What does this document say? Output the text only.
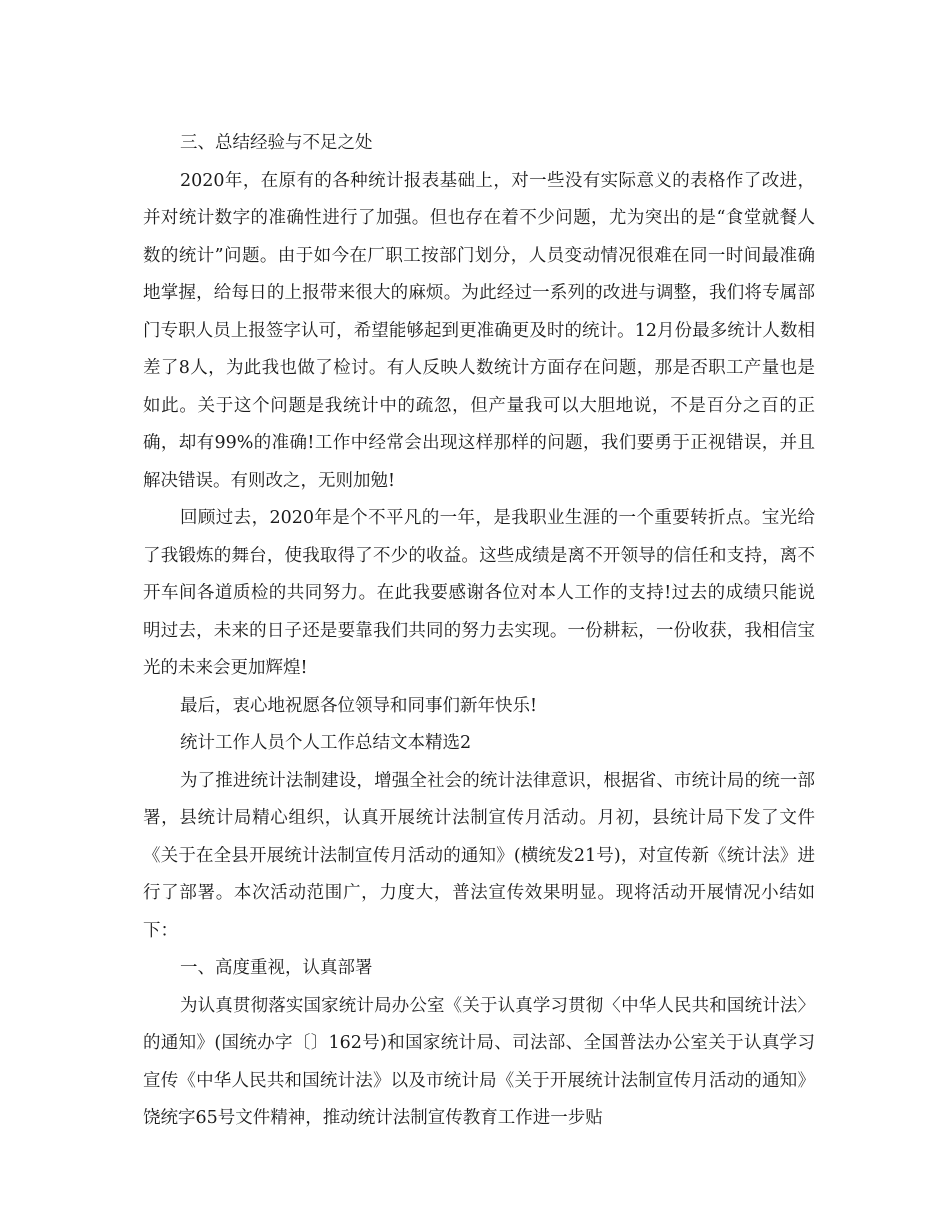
三、总结经验与不足之处

2020年，在原有的各种统计报表基础上，对一些没有实际意义的表格作了改进，并对统计数字的准确性进行了加强。但也存在着不少问题，尤为突出的是“食堂就餐人数的统计”问题。由于如今在厂职工按部门划分，人员变动情况很难在同一时间最准确地掌握，给每日的上报带来很大的麻烦。为此经过一系列的改进与调整，我们将专属部门专职人员上报签字认可，希望能够起到更准确更及时的统计。12月份最多统计人数相差了8人，为此我也做了检讨。有人反映人数统计方面存在问题，那是否职工产量也是如此。关于这个问题是我统计中的疏忽，但产量我可以大胆地说，不是百分之百的正确，却有99%的准确!工作中经常会出现这样那样的问题，我们要勇于正视错误，并且解决错误。有则改之，无则加勉!

回顾过去，2020年是个不平凡的一年，是我职业生涯的一个重要转折点。宝光给了我锻炼的舞台，使我取得了不少的收益。这些成绩是离不开领导的信任和支持，离不开车间各道质检的共同努力。在此我要感谢各位对本人工作的支持!过去的成绩只能说明过去，未来的日子还是要靠我们共同的努力去实现。一份耕耘，一份收获，我相信宝光的未来会更加辉煌!

最后，衷心地祝愿各位领导和同事们新年快乐!

统计工作人员个人工作总结文本精选2

为了推进统计法制建设，增强全社会的统计法律意识，根据省、市统计局的统一部署，县统计局精心组织，认真开展统计法制宣传月活动。月初，县统计局下发了文件《关于在全县开展统计法制宣传月活动的通知》(横统发21号)，对宣传新《统计法》进行了部署。本次活动范围广，力度大，普法宣传效果明显。现将活动开展情况小结如下：

一、高度重视，认真部署

为认真贯彻落实国家统计局办公室《关于认真学习贯彻〈中华人民共和国统计法〉的通知》(国统办字〔〕162号)和国家统计局、司法部、全国普法办公室关于认真学习宣传《中华人民共和国统计法》以及市统计局《关于开展统计法制宣传月活动的通知》饶统字65号文件精神，推动统计法制宣传教育工作进一步贴
